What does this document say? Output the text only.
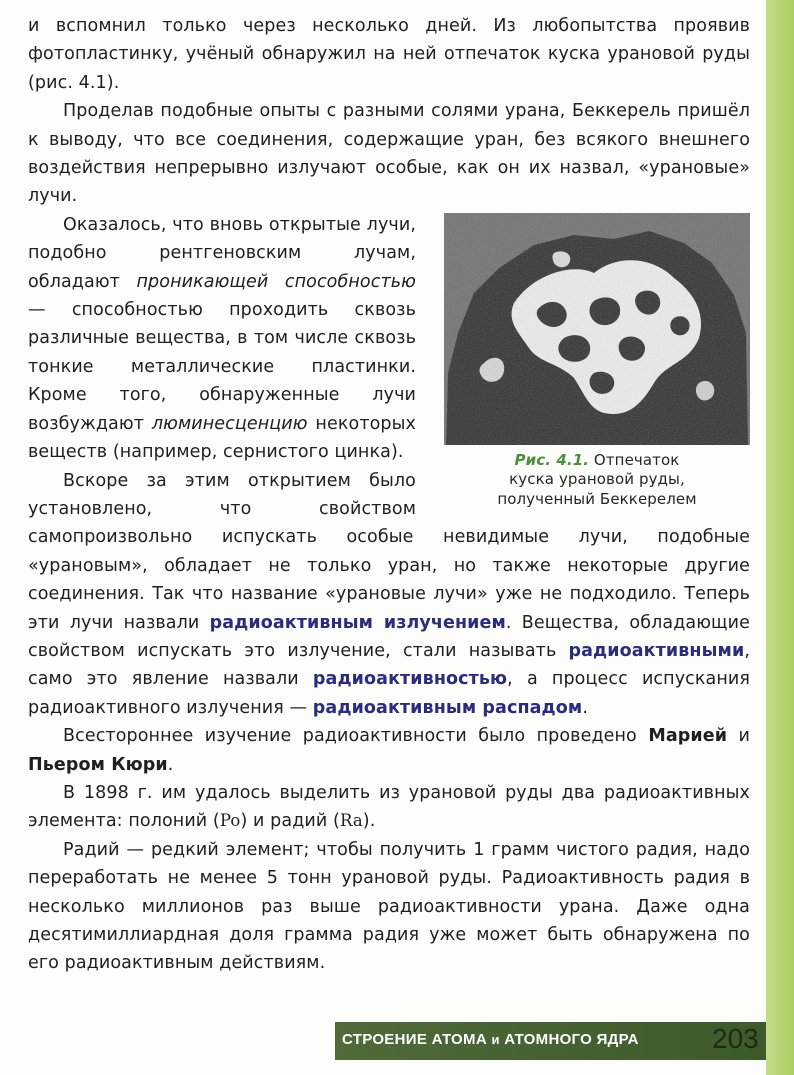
и вспомнил только через несколько дней. Из любопытства проявив фотопластинку, учёный обнаружил на ней отпечаток куска урановой руды (рис. 4.1).

Проделав подобные опыты с разными солями урана, Беккерель пришёл к выводу, что все соединения, содержащие уран, без всякого внешнего воздействия непрерывно излучают особые, как он их назвал, «урановые» лучи.

Рис. 4.1. Отпечаток
куска урановой руды,
полученный Беккерелем

Оказалось, что вновь открытые лучи, подобно рентгеновским лучам, обладают проникающей способностью — способностью проходить сквозь различные вещества, в том числе сквозь тонкие металлические пластинки. Кроме того, обнаруженные лучи возбуждают люминесценцию некоторых веществ (например, сернистого цинка).

Вскоре за этим открытием было установлено, что свойством самопроизвольно испускать особые невидимые лучи, подобные «урановым», обладает не только уран, но также некоторые другие соединения. Так что название «урановые лучи» уже не подходило. Теперь эти лучи назвали радиоактивным излучением. Вещества, обладающие свойством испускать это излучение, стали называть радиоактивными, само это явление назвали радиоактивностью, а процесс испускания радиоактивного излучения — радиоактивным распадом.

Всестороннее изучение радиоактивности было проведено Марией и Пьером Кюри.

В 1898 г. им удалось выделить из урановой руды два радиоактивных элемента: полоний (Po) и радий (Ra).

Радий — редкий элемент; чтобы получить 1 грамм чистого радия, надо переработать не менее 5 тонн урановой руды. Радиоактивность радия в несколько миллионов раз выше радиоактивности урана. Даже одна десятимиллиардная доля грамма радия уже может быть обнаружена по его радиоактивным действиям.

СТРОЕНИЕ АТОМА и АТОМНОГО ЯДРА	203
